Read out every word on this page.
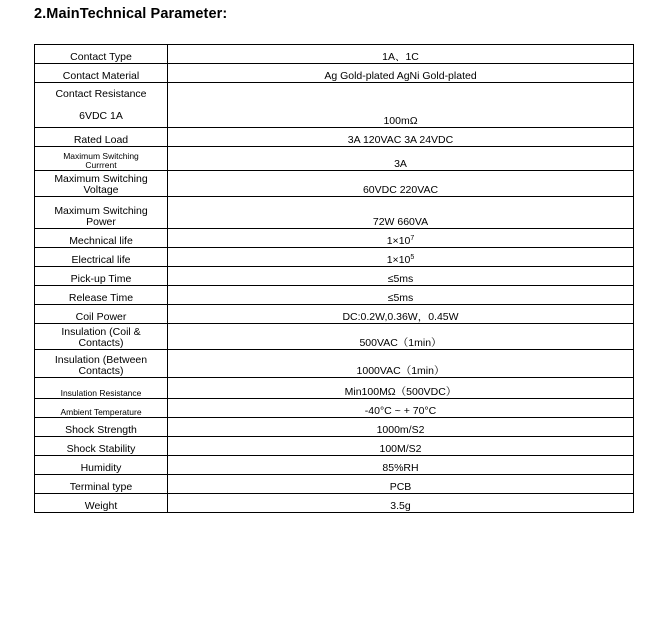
2.MainTechnical Parameter:
Contact Type	1A、1C
Contact Material	Ag Gold-plated AgNi Gold-plated

Contact Resistance
6VDC 1A	100mΩ
Rated Load	3A 120VAC 3A 24VDC

Maximum Switching
Currrent	3A

Maximum Switching
Voltage	60VDC 220VAC

Maximum Switching
Power	72W 660VA
Mechnical life	$1\times 10^7$
Electrical life	$1\times 10^5$
Pick-up Time	≤5ms
Release Time	≤5ms
Coil Power	DC:0.2W,0.36W，0.45W

Insulation (Coil &
Contacts)	500VAC（1min）

Insulation (Between
Contacts)	1000VAC（1min）
Insulation Resistance	Min100MΩ（500VDC）
Ambient Temperature	-40°C ~ + 70°C
Shock Strength	1000m/S2
Shock Stability	100M/S2
Humidity	85%RH
Terminal type	PCB
Weight	3.5g
